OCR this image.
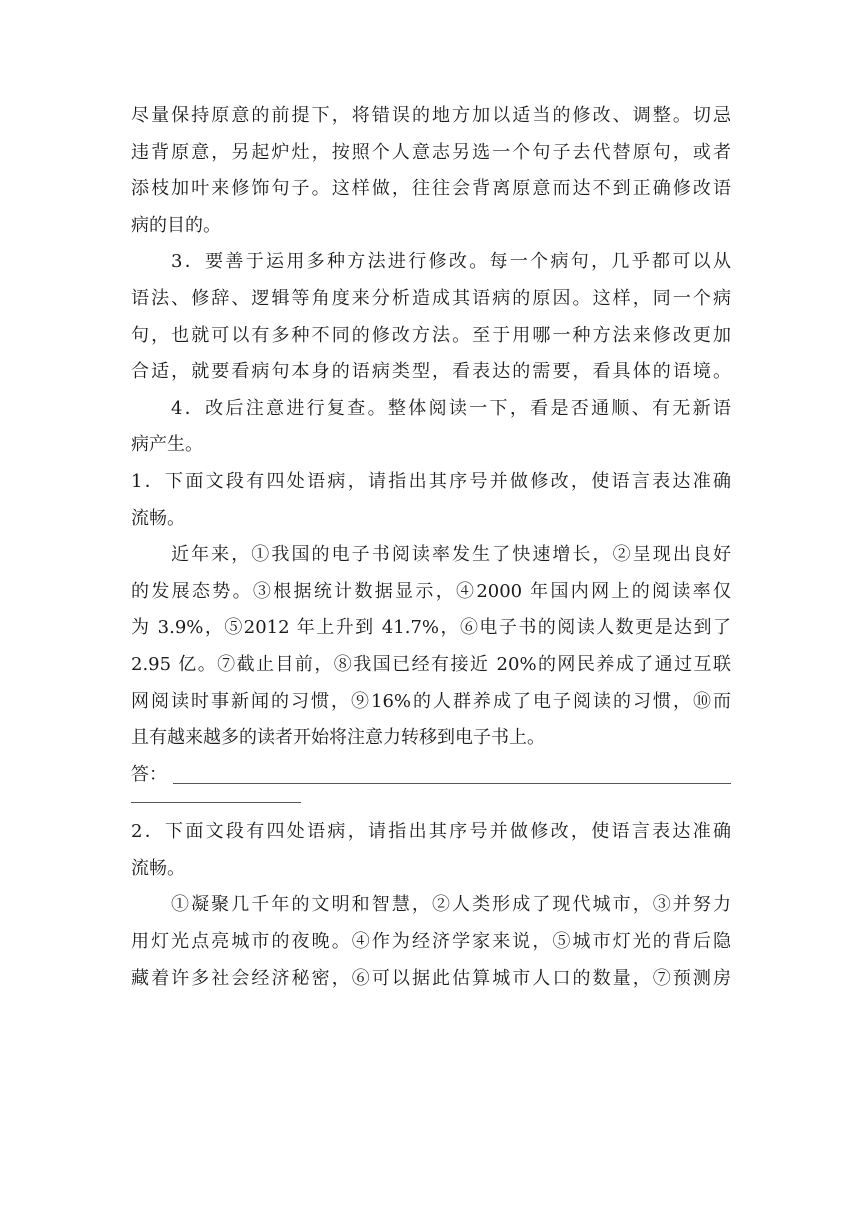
尽量保持原意的前提下，将错误的地方加以适当的修改、调整。切忌
违背原意，另起炉灶，按照个人意志另选一个句子去代替原句，或者
添枝加叶来修饰句子。这样做，往往会背离原意而达不到正确修改语
病的目的。

3．要善于运用多种方法进行修改。每一个病句，几乎都可以从
语法、修辞、逻辑等角度来分析造成其语病的原因。这样，同一个病
句，也就可以有多种不同的修改方法。至于用哪一种方法来修改更加
合适，就要看病句本身的语病类型，看表达的需要，看具体的语境。

4．改后注意进行复查。整体阅读一下，看是否通顺、有无新语
病产生。

1．下面文段有四处语病，请指出其序号并做修改，使语言表达准确
流畅。

近年来，①我国的电子书阅读率发生了快速增长，②呈现出良好
的发展态势。③根据统计数据显示，④2000 年国内网上的阅读率仅
为 3.9%，⑤2012 年上升到 41.7%，⑥电子书的阅读人数更是达到了
2.95 亿。⑦截止目前，⑧我国已经有接近 20%的网民养成了通过互联
网阅读时事新闻的习惯，⑨16%的人群养成了电子阅读的习惯，⑩而
且有越来越多的读者开始将注意力转移到电子书上。

答：

2．下面文段有四处语病，请指出其序号并做修改，使语言表达准确
流畅。

①凝聚几千年的文明和智慧，②人类形成了现代城市，③并努力
用灯光点亮城市的夜晚。④作为经济学家来说，⑤城市灯光的背后隐
藏着许多社会经济秘密，⑥可以据此估算城市人口的数量，⑦预测房
